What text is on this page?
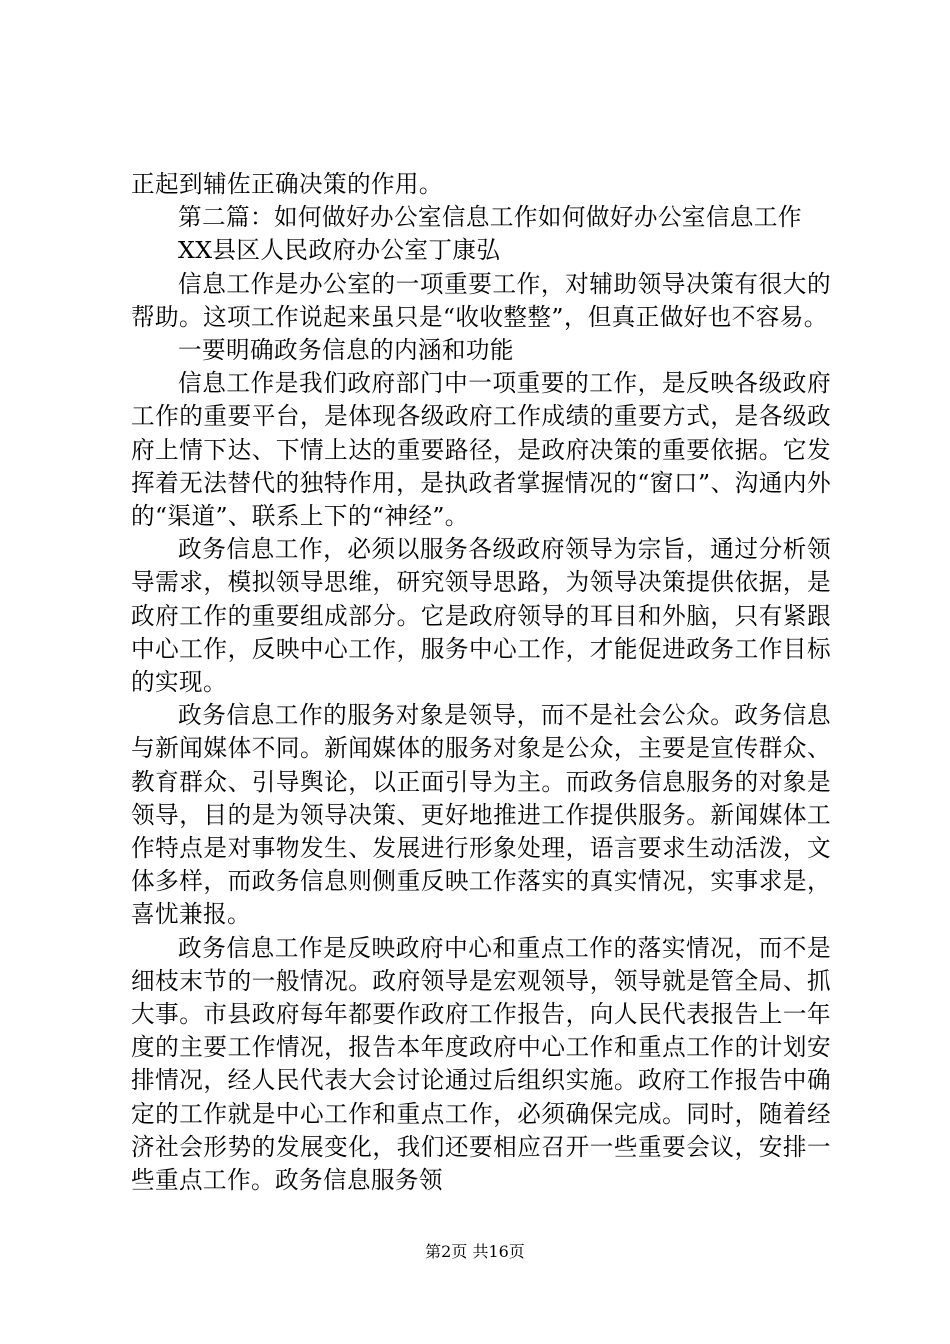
正起到辅佐正确决策的作用。

第二篇：如何做好办公室信息工作如何做好办公室信息工作

XX县区人民政府办公室丁康弘

信息工作是办公室的一项重要工作，对辅助领导决策有很大的帮助。这项工作说起来虽只是“收收整整”，但真正做好也不容易。

一要明确政务信息的内涵和功能

信息工作是我们政府部门中一项重要的工作，是反映各级政府工作的重要平台，是体现各级政府工作成绩的重要方式，是各级政府上情下达、下情上达的重要路径，是政府决策的重要依据。它发挥着无法替代的独特作用，是执政者掌握情况的“窗口”、沟通内外的“渠道”、联系上下的“神经”。

政务信息工作，必须以服务各级政府领导为宗旨，通过分析领导需求，模拟领导思维，研究领导思路，为领导决策提供依据，是政府工作的重要组成部分。它是政府领导的耳目和外脑，只有紧跟中心工作，反映中心工作，服务中心工作，才能促进政务工作目标的实现。

政务信息工作的服务对象是领导，而不是社会公众。政务信息与新闻媒体不同。新闻媒体的服务对象是公众，主要是宣传群众、教育群众、引导舆论，以正面引导为主。而政务信息服务的对象是领导，目的是为领导决策、更好地推进工作提供服务。新闻媒体工作特点是对事物发生、发展进行形象处理，语言要求生动活泼，文体多样，而政务信息则侧重反映工作落实的真实情况，实事求是，喜忧兼报。

政务信息工作是反映政府中心和重点工作的落实情况，而不是细枝末节的一般情况。政府领导是宏观领导，领导就是管全局、抓大事。市县政府每年都要作政府工作报告，向人民代表报告上一年度的主要工作情况，报告本年度政府中心工作和重点工作的计划安排情况，经人民代表大会讨论通过后组织实施。政府工作报告中确定的工作就是中心工作和重点工作，必须确保完成。同时，随着经济社会形势的发展变化，我们还要相应召开一些重要会议，安排一些重点工作。政务信息服务领

第2页 共16页
